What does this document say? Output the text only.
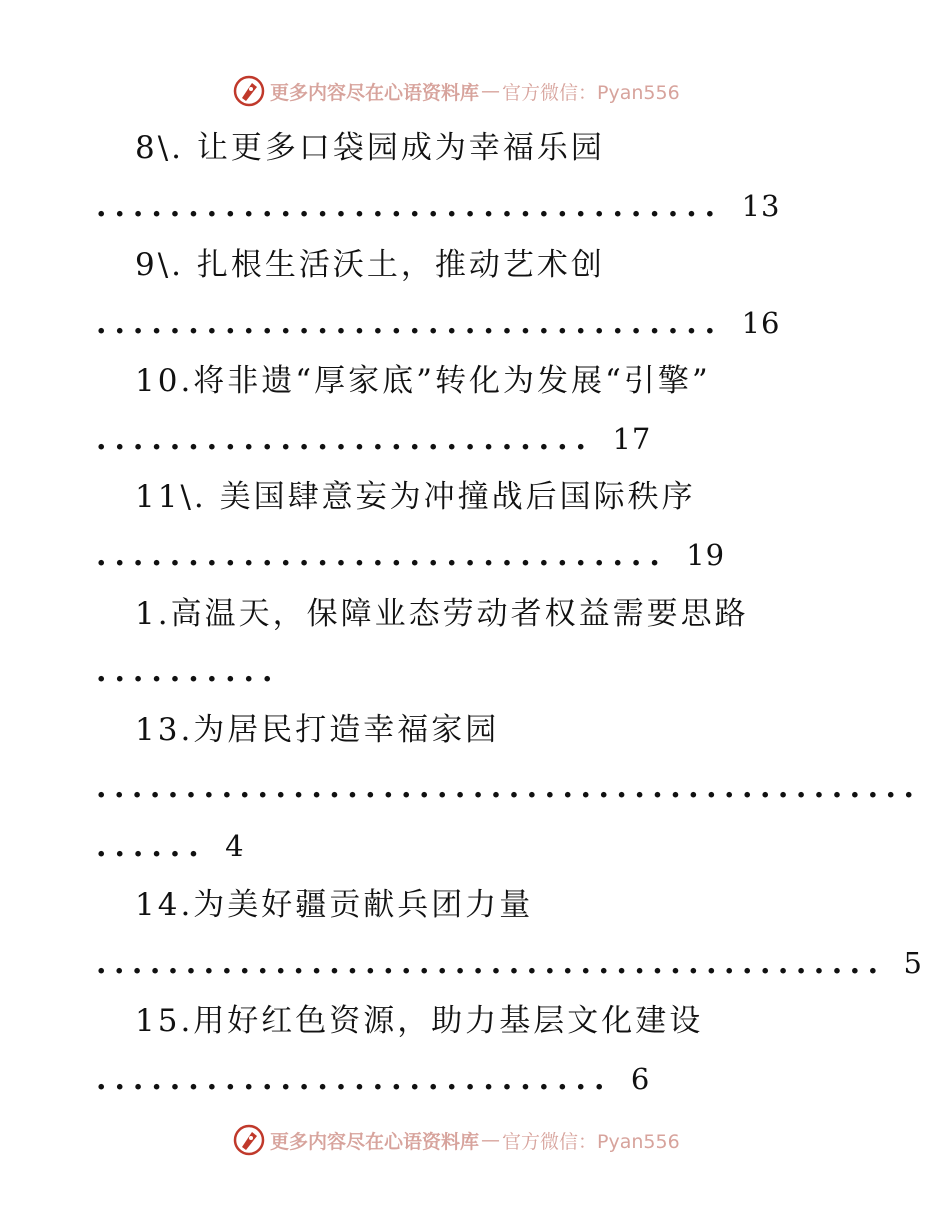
更多内容尽在心语资料库 — 官方微信：Pyan556
8\. 让更多口袋园成为幸福乐园
.................................. 13
9\. 扎根生活沃土，推动艺术创
.................................. 16
10.将非遗“厚家底”转化为发展“引擎”
........................... 17
11\. 美国肆意妄为冲撞战后国际秩序
............................... 19
1.高温天，保障业态劳动者权益需要思路
..........
13.为居民打造幸福家园
..............................................
...... 4
14.为美好疆贡献兵团力量
............................................ 5
15.用好红色资源，助力基层文化建设
............................ 6
更多内容尽在心语资料库 — 官方微信：Pyan556
